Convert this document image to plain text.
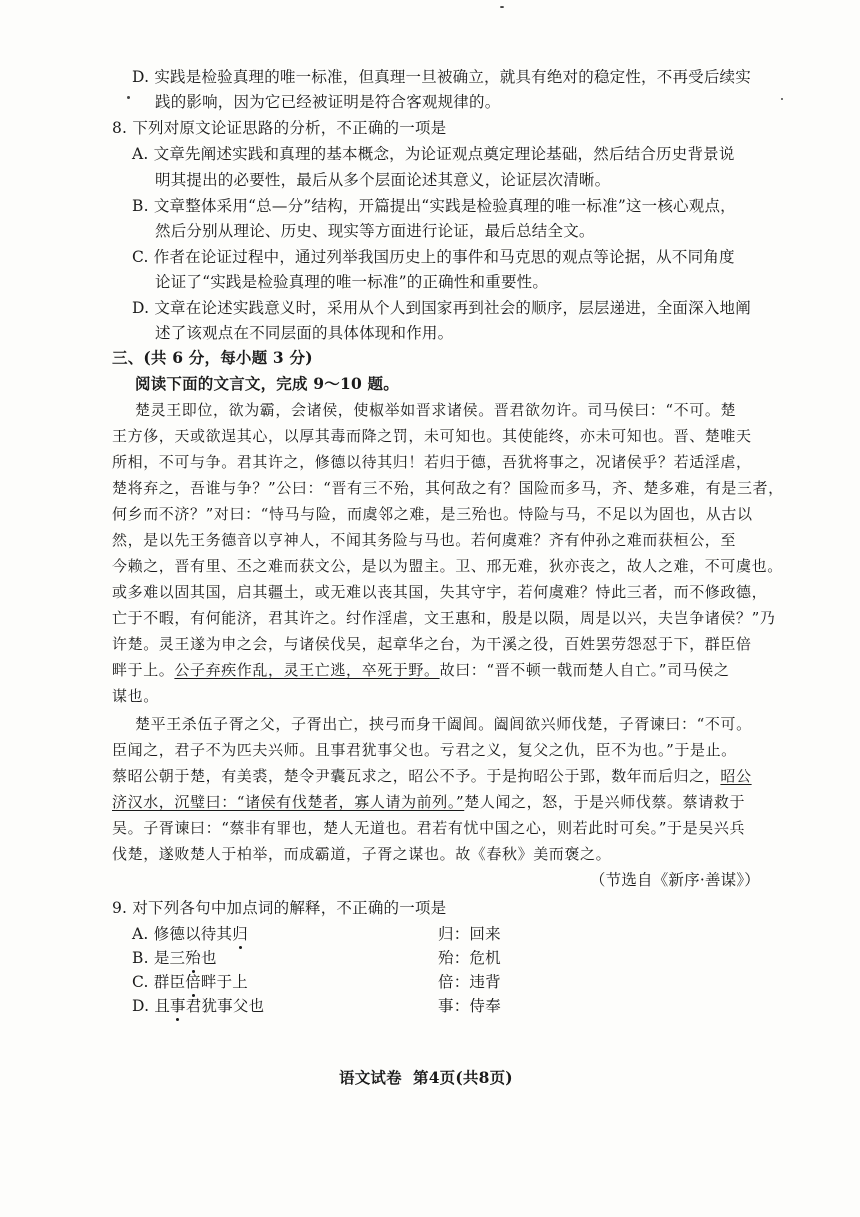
D. 实践是检验真理的唯一标准，但真理一旦被确立，就具有绝对的稳定性，不再受后续实
践的影响，因为它已经被证明是符合客观规律的。
8. 下列对原文论证思路的分析，不正确的一项是
A. 文章先阐述实践和真理的基本概念，为论证观点奠定理论基础，然后结合历史背景说
明其提出的必要性，最后从多个层面论述其意义，论证层次清晰。
B. 文章整体采用“总—分”结构，开篇提出“实践是检验真理的唯一标准”这一核心观点，
然后分别从理论、历史、现实等方面进行论证，最后总结全文。
C. 作者在论证过程中，通过列举我国历史上的事件和马克思的观点等论据，从不同角度
论证了“实践是检验真理的唯一标准”的正确性和重要性。
D. 文章在论述实践意义时，采用从个人到国家再到社会的顺序，层层递进，全面深入地阐
述了该观点在不同层面的具体体现和作用。
三、(共 6 分，每小题 3 分)
阅读下面的文言文，完成 9～10 题。
楚灵王即位，欲为霸，会诸侯，使椒举如晋求诸侯。晋君欲勿许。司马侯曰：“不可。楚
王方侈，天或欲逞其心，以厚其毒而降之罚，未可知也。其使能终，亦未可知也。晋、楚唯天
所相，不可与争。君其许之，修德以待其归！若归于德，吾犹将事之，况诸侯乎？若适淫虐，
楚将弃之，吾谁与争？”公曰：“晋有三不殆，其何敌之有？国险而多马，齐、楚多难，有是三者，
何乡而不济？”对曰：“恃马与险，而虞邻之难，是三殆也。恃险与马，不足以为固也，从古以
然，是以先王务德音以亨神人，不闻其务险与马也。若何虞难？齐有仲孙之难而获桓公，至
今赖之，晋有里、丕之难而获文公，是以为盟主。卫、邢无难，狄亦丧之，故人之难，不可虞也。
或多难以固其国，启其疆土，或无难以丧其国，失其守宇，若何虞难？恃此三者，而不修政德，
亡于不暇，有何能济，君其许之。纣作淫虐，文王惠和，殷是以陨，周是以兴，夫岂争诸侯？”乃
许楚。灵王遂为申之会，与诸侯伐吴，起章华之台，为干溪之役，百姓罢劳怨怼于下，群臣倍
畔于上。公子弃疾作乱，灵王亡逃，卒死于野。故曰：“晋不顿一戟而楚人自亡。”司马侯之
谋也。
楚平王杀伍子胥之父，子胥出亡，挟弓而身干阖闾。阖闾欲兴师伐楚，子胥谏曰：“不可。
臣闻之，君子不为匹夫兴师。且事君犹事父也。亏君之义，复父之仇，臣不为也。”于是止。
蔡昭公朝于楚，有美裘，楚令尹囊瓦求之，昭公不予。于是拘昭公于郢，数年而后归之，昭公
济汉水，沉璧曰：“诸侯有伐楚者，寡人请为前列。”楚人闻之，怒，于是兴师伐蔡。蔡请救于
吴。子胥谏曰：“蔡非有罪也，楚人无道也。君若有忧中国之心，则若此时可矣。”于是吴兴兵
伐楚，遂败楚人于柏举，而成霸道，子胥之谋也。故《春秋》美而褒之。
（节选自《新序·善谋》）
9. 对下列各句中加点词的解释，不正确的一项是
A. 修德以待其归	归：回来
B. 是三殆也	殆：危机
C. 群臣倍畔于上	倍：违背
D. 且事君犹事父也	事：侍奉
语文试卷  第4页(共8页)
